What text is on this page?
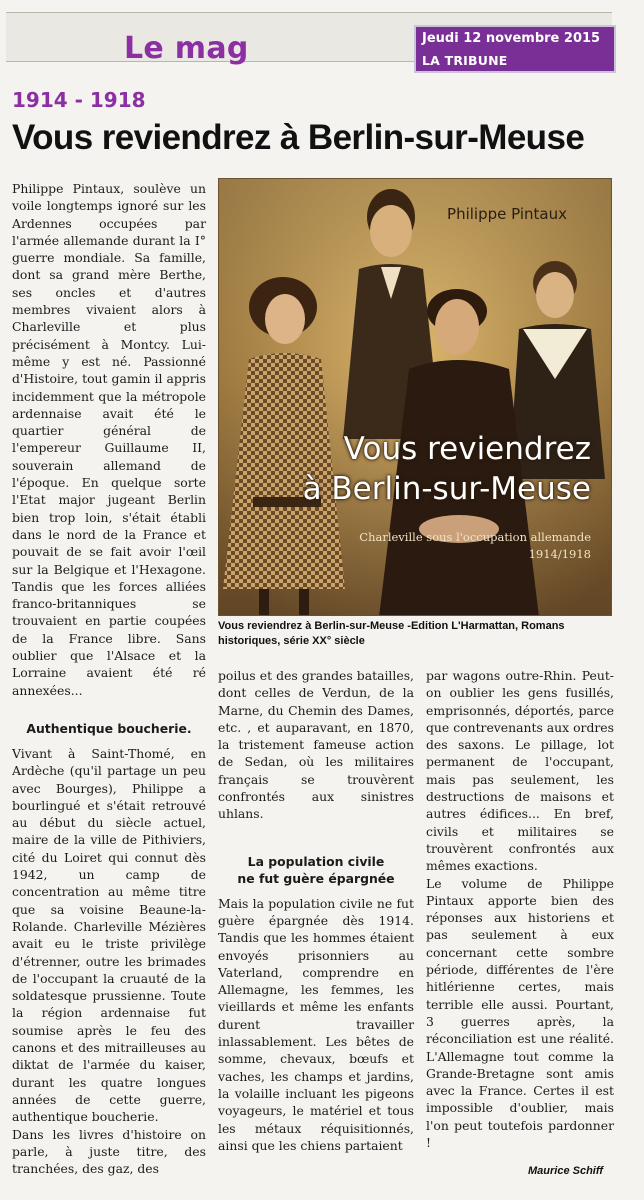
Le mag	Jeudi 12 novembre 2015
LA TRIBUNE
1914 - 1918
Vous reviendrez à Berlin-sur-Meuse

Philippe Pintaux, soulève un voile longtemps ignoré sur les Ardennes occupées par l'armée allemande durant la I° guerre mondiale. Sa famille, dont sa grand mère Berthe, ses oncles et d'autres membres vivaient alors à Charleville et plus précisément à Montcy. Lui-même y est né. Passionné d'Histoire, tout gamin il appris incidemment que la métropole ardennaise avait été le quartier général de l'empereur Guillaume II, souverain allemand de l'époque. En quelque sorte l'Etat major jugeant Berlin bien trop loin, s'était établi dans le nord de la France et pouvait de se fait avoir l'œil sur la Belgique et l'Hexagone. Tandis que les forces alliées franco-britanniques se trouvaient en partie coupées de la France libre. Sans oublier que l'Alsace et la Lorraine avaient été ré annexées...

Authentique boucherie.

Vivant à Saint-Thomé, en Ardèche (qu'il partage un peu avec Bourges), Philippe a bourlingué et s'était retrouvé au début du siècle actuel, maire de la ville de Pithiviers, cité du Loiret qui connut dès 1942, un camp de concentration au même titre que sa voisine Beaune-la-Rolande. Charleville Mézières avait eu le triste privilège d'étrenner, outre les brimades de l'occupant la cruauté de la soldatesque prussienne. Toute la région ardennaise fut soumise après le feu des canons et des mitrailleuses au diktat de l'armée du kaiser, durant les quatre longues années de cette guerre, authentique boucherie.

Dans les livres d'histoire on parle, à juste titre, des tranchées, des gaz, des

Philippe Pintaux
Vous reviendrez
à Berlin-sur-Meuse
Charleville sous l'occupation allemande
1914/1918
Vous reviendrez à Berlin-sur-Meuse -Edition L'Harmattan, Romans historiques, série XX° siècle

poilus et des grandes batailles, dont celles de Verdun, de la Marne, du Chemin des Dames, etc. , et auparavant, en 1870, la tristement fameuse action de Sedan, où les militaires français se trouvèrent confrontés aux sinistres uhlans.

La population civile
ne fut guère épargnée

Mais la population civile ne fut guère épargnée dès 1914. Tandis que les hommes étaient envoyés prisonniers au Vaterland, comprendre en Allemagne, les femmes, les vieillards et même les enfants durent travailler inlassablement. Les bêtes de somme, chevaux, bœufs et vaches, les champs et jardins, la volaille incluant les pigeons voyageurs, le matériel et tous les métaux réquisitionnés, ainsi que les chiens partaient

par wagons outre-Rhin. Peut-on oublier les gens fusillés, emprisonnés, déportés, parce que contrevenants aux ordres des saxons. Le pillage, lot permanent de l'occupant, mais pas seulement, les destructions de maisons et autres édifices... En bref, civils et militaires se trouvèrent confrontés aux mêmes exactions.

Le volume de Philippe Pintaux apporte bien des réponses aux historiens et pas seulement à eux concernant cette sombre période, différentes de l'ère hitlérienne certes, mais terrible elle aussi. Pourtant, 3 guerres après, la réconciliation est une réalité. L'Allemagne tout comme la Grande-Bretagne sont amis avec la France. Certes il est impossible d'oublier, mais l'on peut toutefois pardonner !

Maurice Schiff
